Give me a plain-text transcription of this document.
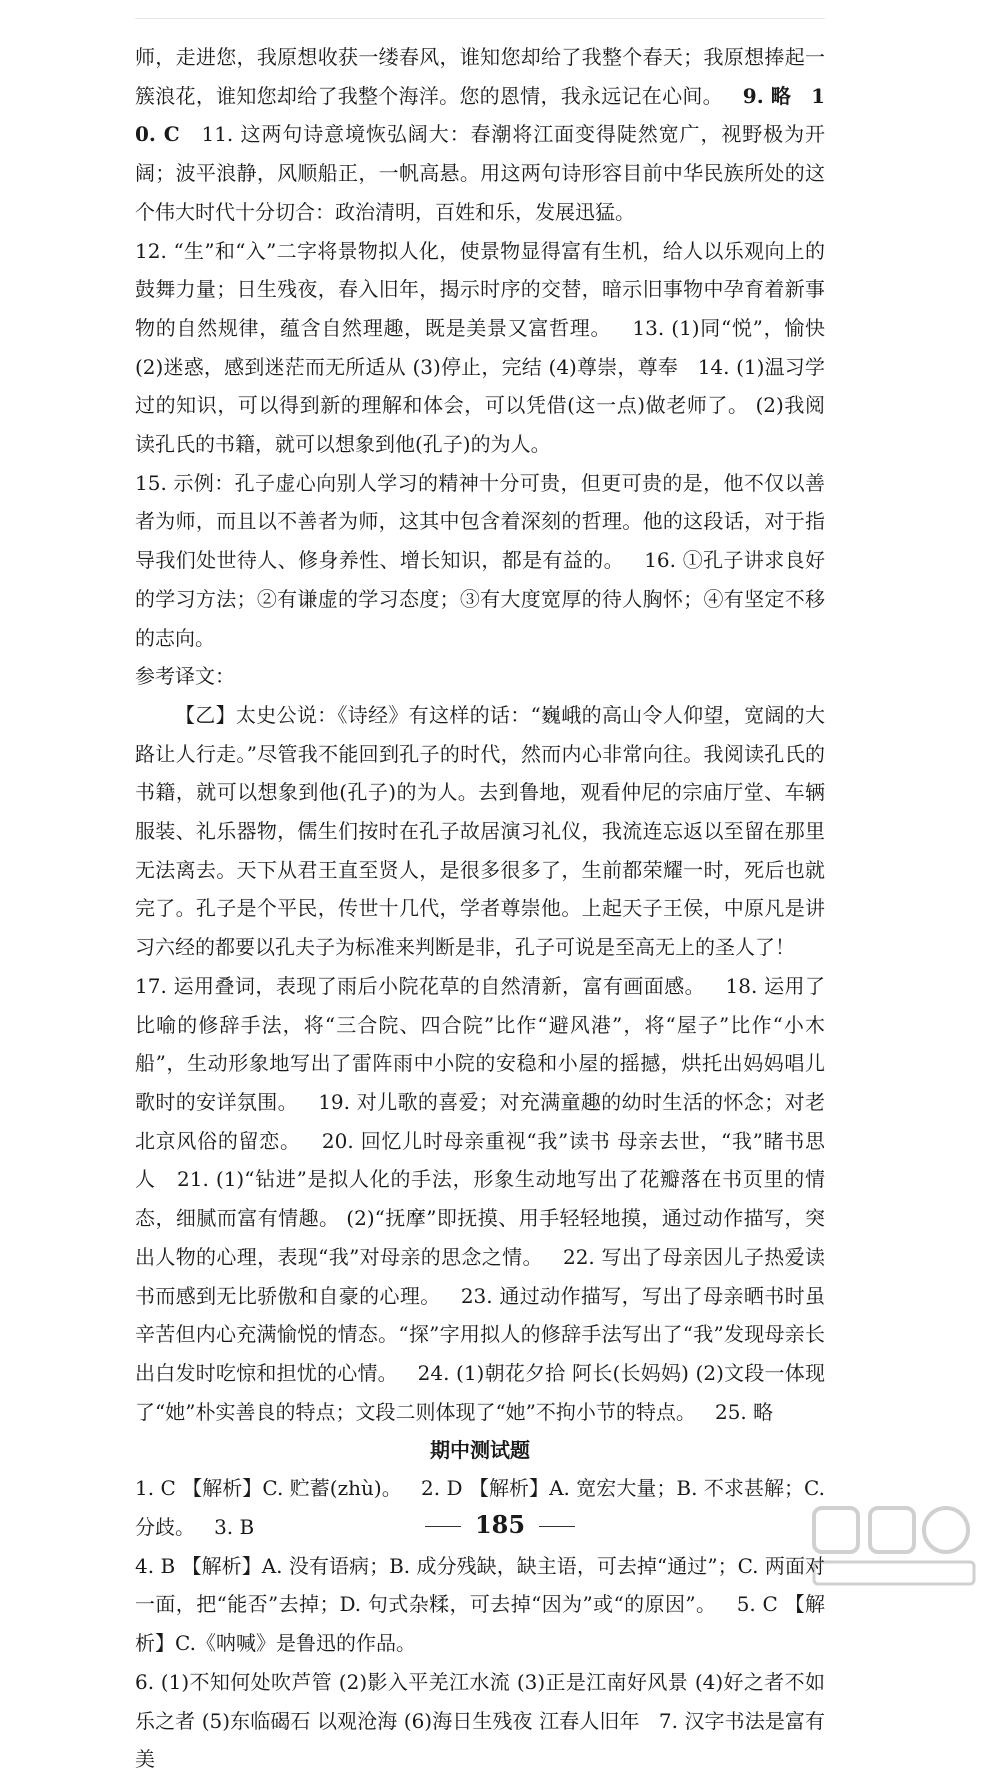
师，走进您，我原想收获一缕春风，谁知您却给了我整个春天；我原想捧起一簇浪花，谁知您却给了我整个海洋。您的恩情，我永远记在心间。 9. 略 10. C 11. 这两句诗意境恢弘阔大：春潮将江面变得陡然宽广，视野极为开阔；波平浪静，风顺船正，一帆高悬。用这两句诗形容目前中华民族所处的这个伟大时代十分切合：政治清明，百姓和乐，发展迅猛。

12. “生”和“入”二字将景物拟人化，使景物显得富有生机，给人以乐观向上的鼓舞力量；日生残夜，春入旧年，揭示时序的交替，暗示旧事物中孕育着新事物的自然规律，蕴含自然理趣，既是美景又富哲理。 13. (1)同“悦”，愉快 (2)迷惑，感到迷茫而无所适从 (3)停止，完结 (4)尊崇，尊奉 14. (1)温习学过的知识，可以得到新的理解和体会，可以凭借(这一点)做老师了。 (2)我阅读孔氏的书籍，就可以想象到他(孔子)的为人。

15. 示例：孔子虚心向别人学习的精神十分可贵，但更可贵的是，他不仅以善者为师，而且以不善者为师，这其中包含着深刻的哲理。他的这段话，对于指导我们处世待人、修身养性、增长知识，都是有益的。 16. ①孔子讲求良好的学习方法；②有谦虚的学习态度；③有大度宽厚的待人胸怀；④有坚定不移的志向。

参考译文：

【乙】太史公说：《诗经》有这样的话：“巍峨的高山令人仰望，宽阔的大路让人行走。”尽管我不能回到孔子的时代，然而内心非常向往。我阅读孔氏的书籍，就可以想象到他(孔子)的为人。去到鲁地，观看仲尼的宗庙厅堂、车辆服装、礼乐器物，儒生们按时在孔子故居演习礼仪，我流连忘返以至留在那里无法离去。天下从君王直至贤人，是很多很多了，生前都荣耀一时，死后也就完了。孔子是个平民，传世十几代，学者尊崇他。上起天子王侯，中原凡是讲习六经的都要以孔夫子为标准来判断是非，孔子可说是至高无上的圣人了！

17. 运用叠词，表现了雨后小院花草的自然清新，富有画面感。 18. 运用了比喻的修辞手法，将“三合院、四合院”比作“避风港”，将“屋子”比作“小木船”，生动形象地写出了雷阵雨中小院的安稳和小屋的摇撼，烘托出妈妈唱儿歌时的安详氛围。 19. 对儿歌的喜爱；对充满童趣的幼时生活的怀念；对老北京风俗的留恋。 20. 回忆儿时母亲重视“我”读书 母亲去世，“我”睹书思人 21. (1)“钻进”是拟人化的手法，形象生动地写出了花瓣落在书页里的情态，细腻而富有情趣。 (2)“抚摩”即抚摸、用手轻轻地摸，通过动作描写，突出人物的心理，表现“我”对母亲的思念之情。 22. 写出了母亲因儿子热爱读书而感到无比骄傲和自豪的心理。 23. 通过动作描写，写出了母亲晒书时虽辛苦但内心充满愉悦的情态。“探”字用拟人的修辞手法写出了“我”发现母亲长出白发时吃惊和担忧的心情。 24. (1)朝花夕拾 阿长(长妈妈) (2)文段一体现了“她”朴实善良的特点；文段二则体现了“她”不拘小节的特点。 25. 略

期中测试题

1. C 【解析】C. 贮蓄(zhù)。 2. D 【解析】A. 宽宏大量；B. 不求甚解；C. 分歧。 3. B

4. B 【解析】A. 没有语病；B. 成分残缺，缺主语，可去掉“通过”；C. 两面对一面，把“能否”去掉；D. 句式杂糅，可去掉“因为”或“的原因”。 5. C 【解析】C.《呐喊》是鲁迅的作品。

6. (1)不知何处吹芦管 (2)影入平羌江水流 (3)正是江南好风景 (4)好之者不如乐之者 (5)东临碣石 以观沧海 (6)海日生残夜 江春人旧年 7. 汉字书法是富有美

185
